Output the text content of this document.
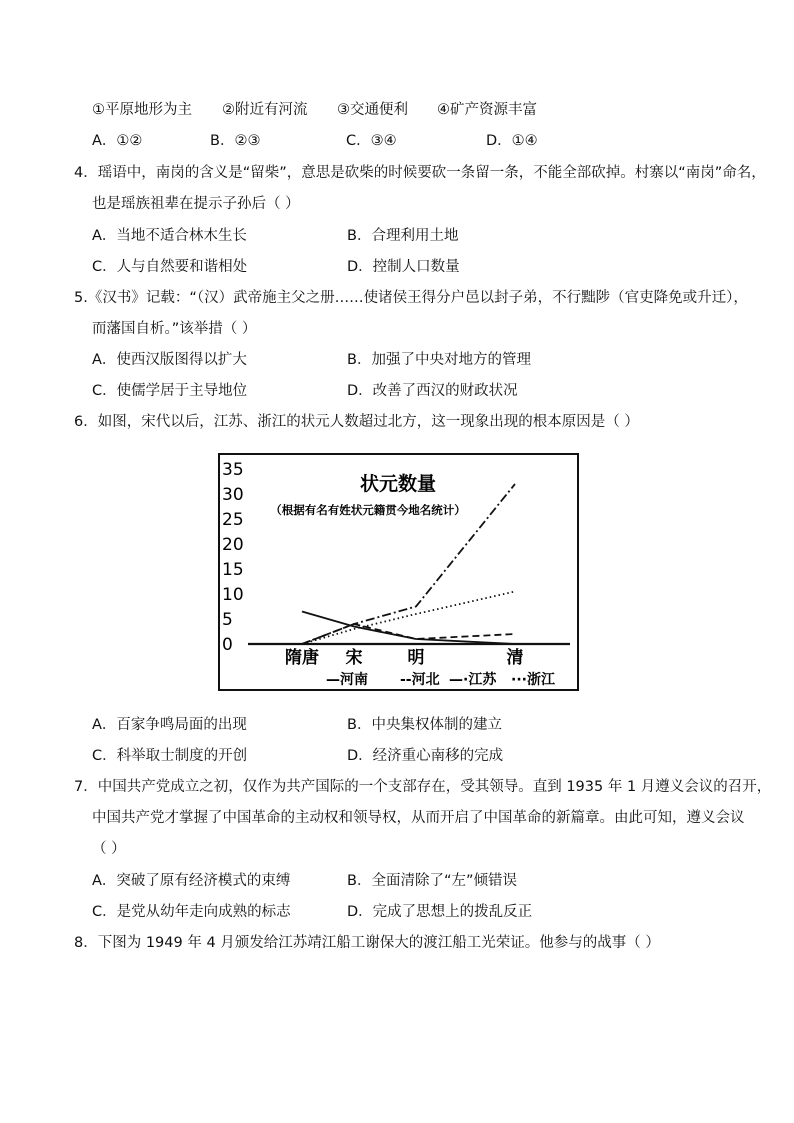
①平原地形为主 ②附近有河流 ③交通便利 ④矿产资源丰富
A．①②	B．②③	C．③④	D．①④
4．瑶语中，南岗的含义是“留柴”，意思是砍柴的时候要砍一条留一条，不能全部砍掉。村寨以“南岗”命名，
也是瑶族祖辈在提示子孙后（ ）
A．当地不适合林木生长	B．合理利用土地
C．人与自然要和谐相处	D．控制人口数量
5.《汉书》记载：“（汉）武帝施主父之册……使诸侯王得分户邑以封子弟，不行黜陟（官吏降免或升迁），
而藩国自析。”该举措（ ）
A．使西汉版图得以扩大	B．加强了中央对地方的管理
C．使儒学居于主导地位	D．改善了西汉的财政状况
6．如图，宋代以后，江苏、浙江的状元人数超过北方，这一现象出现的根本原因是（ ）
0
5
10
15
20
25
30
35
状元数量
（根据有名有姓状元籍贯今地名统计）
隋唐 宋	明	清
—河南 --河北 —·江苏 ···浙江
A．百家争鸣局面的出现	B．中央集权体制的建立
C．科举取士制度的开创	D．经济重心南移的完成
7．中国共产党成立之初，仅作为共产国际的一个支部存在，受其领导。直到 1935 年 1 月遵义会议的召开，
中国共产党才掌握了中国革命的主动权和领导权，从而开启了中国革命的新篇章。由此可知，遵义会议
（ ）
A．突破了原有经济模式的束缚	B．全面清除了“左”倾错误
C．是党从幼年走向成熟的标志	D．完成了思想上的拨乱反正
8．下图为 1949 年 4 月颁发给江苏靖江船工谢保大的渡江船工光荣证。他参与的战事（ ）
